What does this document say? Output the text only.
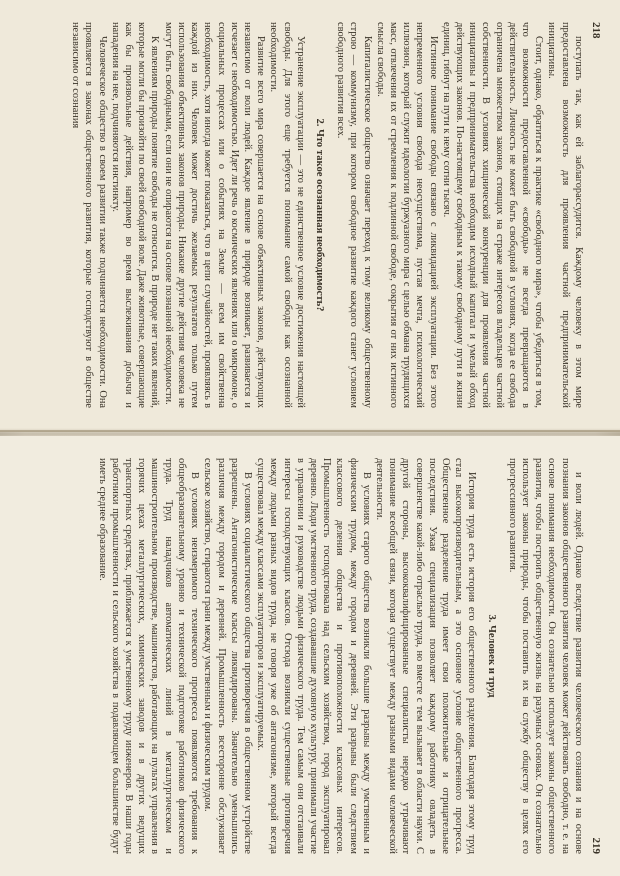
218

поступать так, как ей заблагорассудится. Каждому человеку в этом мире предоставлена возможность для проявления частной предпринимательской инициативы.

Стоит, однако, обратиться к практике «свободного мира», чтобы убедиться в том, что возможности предоставленной «свободы» не всегда превращаются в действительность. Личность не может быть свободной в условиях, когда ее свобода ограничена множеством законов, стоящих на страже интересов владельцев частной собственности. В условиях хищнической конкуренции для проявления частной инициативы и предпринимательства необходим исходный капитал и умелый обход действующих законов. По-настоящему свободным к такому свободному пути в жизни единиц, гибнут на пути к нему сотни тысяч.

Истинное понимание свободы связано с ликвидацией эксплуатации. Без этого непременного условия свобода неосуществима, пустая мечта, психологический иллюзион, который служит идеологии буржуазного мира с целью обмана трудящихся масс, отвлечения их от стремления к подлинной свободе, сокрытия от них истинного смысла свободы.

Капиталистическое общество означает переход к тому великому общественному строю — коммунизму, при котором свободное развитие каждого станет условием свободного развития всех.

2. Что такое осознанная необходимость?

Устранение эксплуатации — это не единственное условие достижения настоящей свободы. Для этого еще требуется понимание самой свободы как осознанной необходимости.

Развитие всего мира совершается на основе объективных законов, действующих независимо от воли людей. Каждое явление в природе возникает, развивается и исчезает с необходимостью. Идет ли речь о космических явлениях или о микромоне, о социальных процессах или о событиях на Земле — всем им свойственна необходимость, хотя иногда может показаться, что в цепи случайностей, проявляясь в каждой из них. Человек может достичь желаемых результатов только путем использования объективных законов природы. Никакие другие действия человека не могут быть свободными, если они не опираются на основе познанной необходимости.

К явлениям природы понятие свободы не относится. В природе нет таких явлений, которые могли бы произойти по своей свободной воле. Даже животные, совершающие как бы произвольные действия, например во время выслеживания добычи и нападения на нее, подчиняются инстинкту.

Человеческое общество в своем развитии также подчиняется необходимости. Она проявляется в законах общественного развития, которые господствуют в обществе независимо от сознания

219

и воли людей. Однако вследствие развития человеческого сознания и на основе познания законов общественного развития человек может действовать свободно, т. е. на основе понимания необходимости. Он сознательно использует законы общественного развития, чтобы построить общественную жизнь на разумных основах. Он сознательно использует законы природы, чтобы поставить их на службу обществу в целях его прогрессивного развития.

3. Человек и труд

История труда есть история его общественного разделения. Благодаря этому труд стал высокопроизводительным, а это основное условие общественного прогресса. Общественное разделение труда имеет свои положительные и отрицательные последствия. Узкая специализация позволяет каждому работнику овладеть в совершенстве какой-либо отраслью труда, но вместе с тем вызывает в области науки. С другой стороны, высококвалифицированные специалисты нередко утрачивают понимание всеобщей связи, которая существует между разными видами человеческой деятельности.

В условиях старого общества возникли большие разрывы между умственным и физическим трудом, между городом и деревней. Эти разрывы были следствием классового деления общества и противоположности классовых интересов. Промышленность господствовала над сельским хозяйством, город эксплуатировал деревню. Люди умственного труда, создававшие духовную культуру, принимали участие в управлении и руководстве людьми физического труда. Тем самым они отстаивали интересы господствующих классов. Отсюда возникли существенные противоречия между людьми разных видов труда, не говоря уже об антагонизме, который всегда существовал между классами эксплуататоров и эксплуатируемых.

В условиях социалистического общества противоречия в общественном устройстве разрешены. Антагонистические классы ликвидированы. Значительно уменьшились различия между городом и деревней. Промышленность всесторонне обслуживает сельское хозяйство, стираются грани между умственным и физическим трудом.

В условиях неизмеримого технического прогресса появляются требования к общеобразовательному уровню и технической подготовке работников физического труда. Труд наладчиков автоматических линий в металлургическом и машиностроительном производстве, машинистов, работающих на пультах управления в горячих цехах металлургических, химических заводов и в других ведущих транспортных средствах, приближается к умственному труду инженеров. В наши годы работники промышленности и сельского хозяйства в подавляющем большинстве будут иметь среднее образование.
